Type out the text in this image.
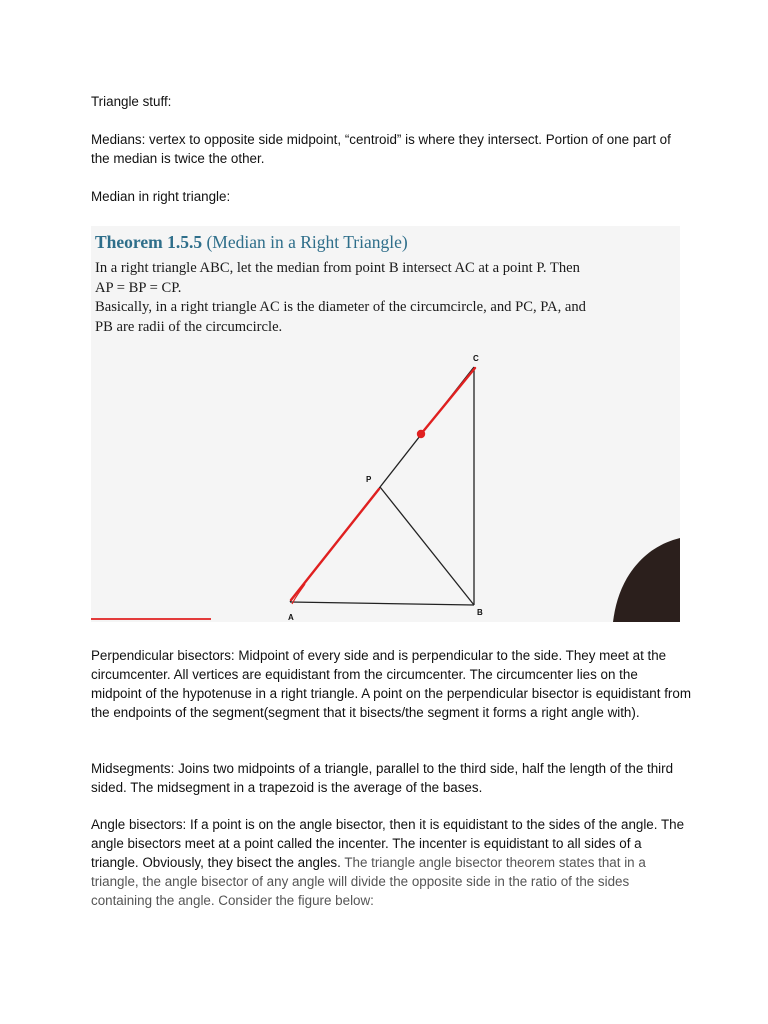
Triangle stuff:

Medians: vertex to opposite side midpoint, “centroid” is where they intersect. Portion of one part of the median is twice the other.

Median in right triangle:

Theorem 1.5.5 (Median in a Right Triangle)
In a right triangle ABC, let the median from point B intersect AC at a point P. Then
AP = BP = CP.
Basically, in a right triangle AC is the diameter of the circumcircle, and PC, PA, and
PB are radii of the circumcircle.
A
B
C
P

Perpendicular bisectors: Midpoint of every side and is perpendicular to the side. They meet at the circumcenter. All vertices are equidistant from the circumcenter. The circumcenter lies on the midpoint of the hypotenuse in a right triangle. A point on the perpendicular bisector is equidistant from the endpoints of the segment(segment that it bisects/the segment it forms a right angle with).

Midsegments: Joins two midpoints of a triangle, parallel to the third side, half the length of the third sided. The midsegment in a trapezoid is the average of the bases.

Angle bisectors: If a point is on the angle bisector, then it is equidistant to the sides of the angle. The angle bisectors meet at a point called the incenter. The incenter is equidistant to all sides of a triangle. Obviously, they bisect the angles. The triangle angle bisector theorem states that in a triangle, the angle bisector of any angle will divide the opposite side in the ratio of the sides containing the angle. Consider the figure below:
